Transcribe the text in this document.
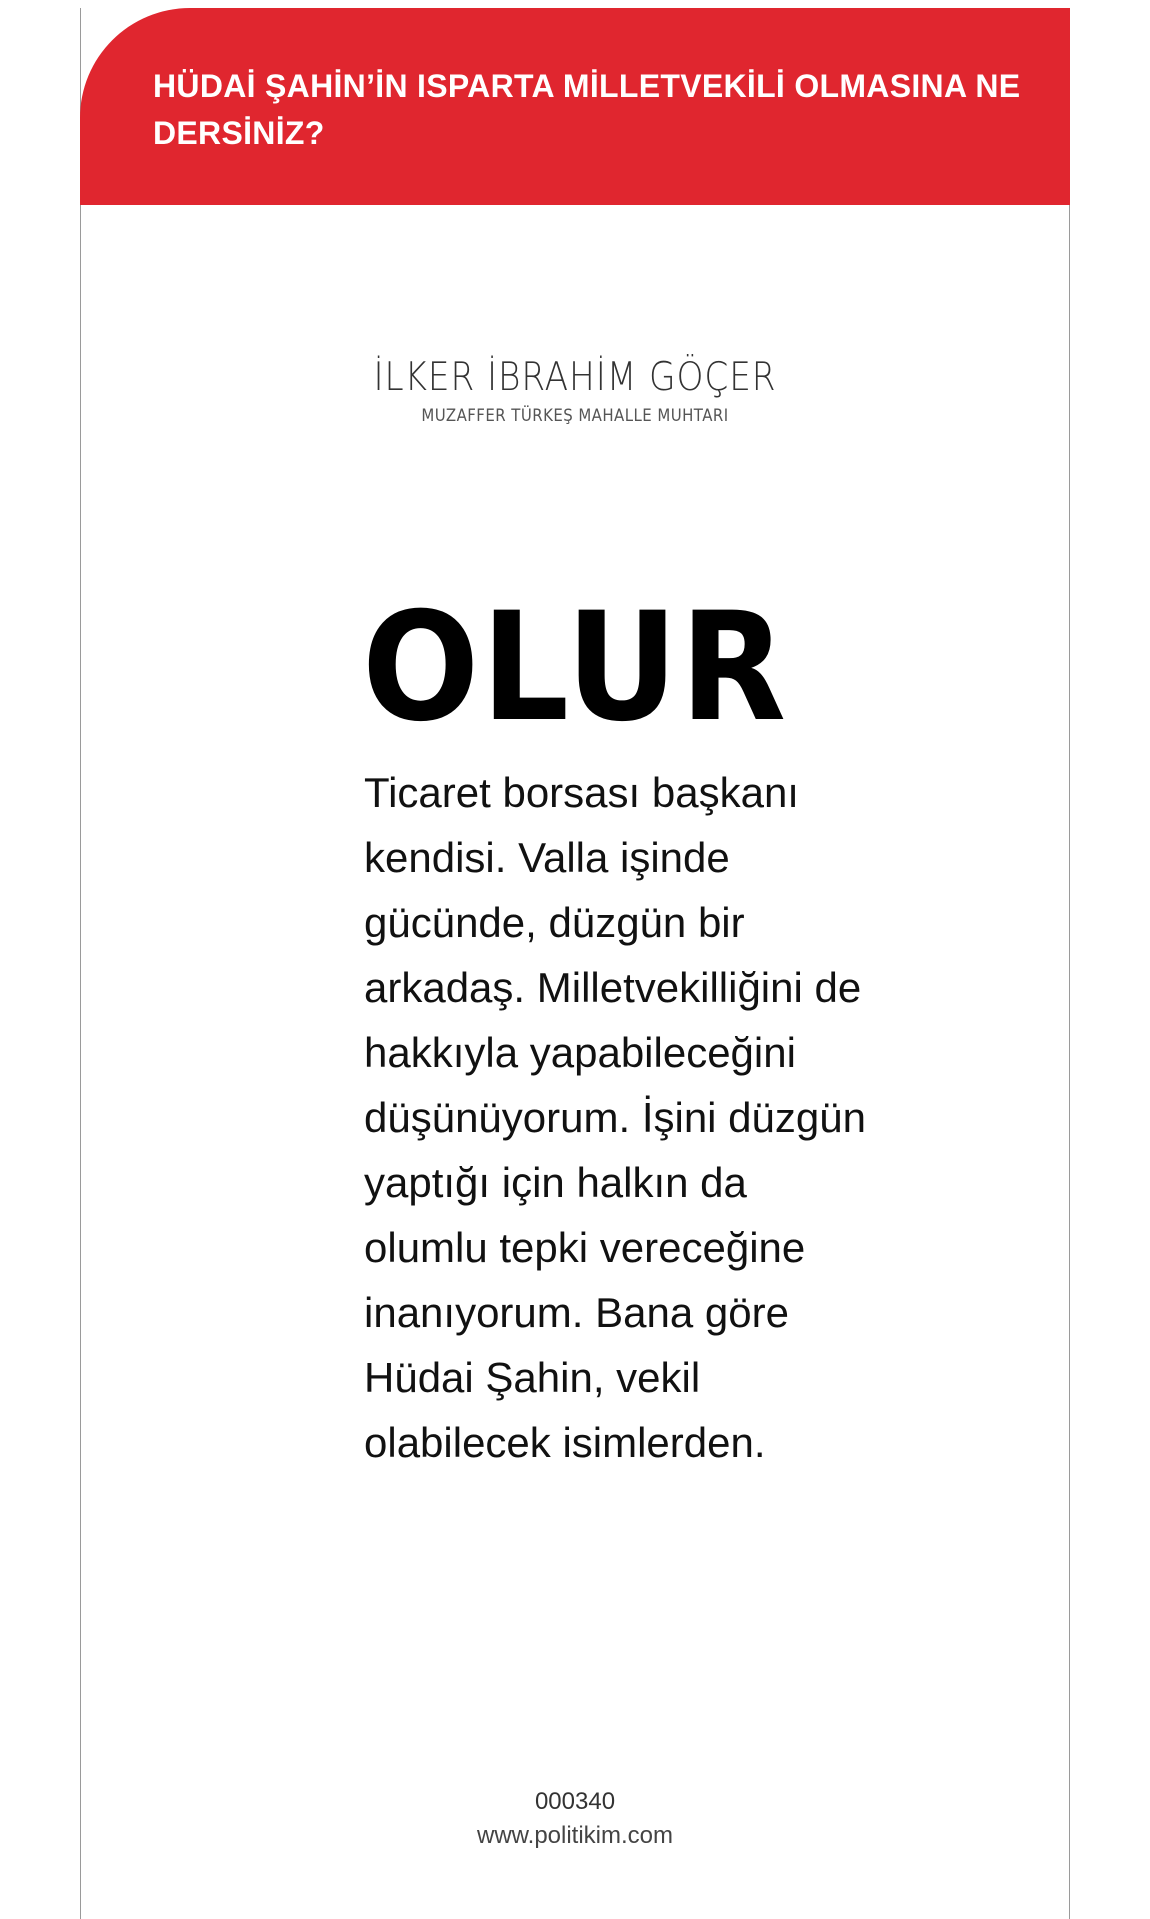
HÜDAİ ŞAHİN’İN ISPARTA MİLLETVEKİLİ OLMASINA NE DERSİNİZ?
İLKER İBRAHİM GÖÇER
MUZAFFER TÜRKEŞ MAHALLE MUHTARI
OLUR

Ticaret borsası başkanı
kendisi. Valla işinde
gücünde, düzgün bir
arkadaş. Milletvekilliğini de
hakkıyla yapabileceğini
düşünüyorum. İşini düzgün
yaptığı için halkın da
olumlu tepki vereceğine
inanıyorum. Bana göre
Hüdai Şahin, vekil
olabilecek isimlerden.

000340
www.politikim.com
